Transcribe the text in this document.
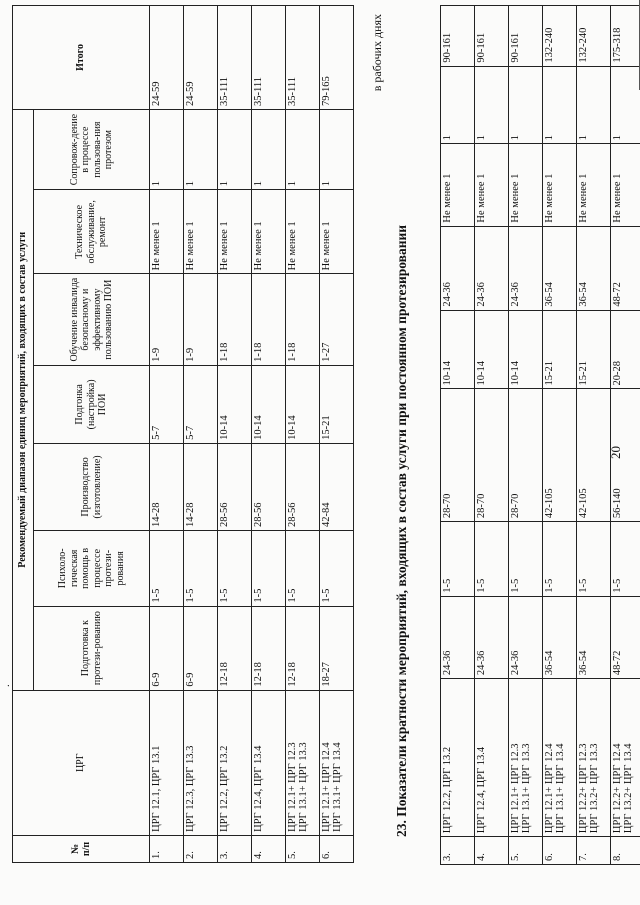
.
20
3.	ЦРГ 12.2, ЦРГ 13.2	24-36	1-5	28-70	10-14	24-36	Не менее 1	1	90-161
4.	ЦРГ 12.4, ЦРГ 13.4	24-36	1-5	28-70	10-14	24-36	Не менее 1	1	90-161
5.	ЦРГ 12.1+ ЦРГ 12.3 ЦРГ 13.1+ ЦРГ 13.3	24-36	1-5	28-70	10-14	24-36	Не менее 1	1	90-161
6.	ЦРГ 12.1+ ЦРГ 12.4 ЦРГ 13.1+ ЦРГ 13.4	36-54	1-5	42-105	15-21	36-54	Не менее 1	1	132-240
7.	ЦРГ 12.2+ ЦРГ 12.3 ЦРГ 13.2+ ЦРГ 13.3	36-54	1-5	42-105	15-21	36-54	Не менее 1	1	132-240
8.	ЦРГ 12.2+ ЦРГ 12.4 ЦРГ 13.2+ ЦРГ 13.4	48-72	1-5	56-140	20-28	48-72	Не менее 1	1	175-318
23. Показатели кратности мероприятий, входящих в состав услуги при постоянном протезировании
в рабочих днях
№ п/п	ЦРГ	Рекомендуемый диапазон единиц мероприятий, входящих в состав услуги							Итого
		Подготовка к протези-рованию	Психоло-гическая помощь в процессе протези-рования	Производство (изготовление)	Подгонка (настройка) ПОИ	Обучение инвалида безопасному и эффективному пользованию ПОИ	Техническое обслуживание, ремонт	Сопровож-дение в процессе пользова-ния протезом	
1.	ЦРГ 12.1, ЦРГ 13.1	6-9	1-5	14-28	5-7	1-9	Не менее 1	1	24-59
2.	ЦРГ 12.3, ЦРГ 13.3	6-9	1-5	14-28	5-7	1-9	Не менее 1	1	24-59
3.	ЦРГ 12.2, ЦРГ 13.2	12-18	1-5	28-56	10-14	1-18	Не менее 1	1	35-111
4.	ЦРГ 12.4, ЦРГ 13.4	12-18	1-5	28-56	10-14	1-18	Не менее 1	1	35-111
5.	ЦРГ 12.1+ ЦРГ 12.3 ЦРГ 13.1+ ЦРГ 13.3	12-18	1-5	28-56	10-14	1-18	Не менее 1	1	35-111
6.	ЦРГ 12.1+ ЦРГ 12.4 ЦРГ 13.1+ ЦРГ 13.4	18-27	1-5	42-84	15-21	1-27	Не менее 1	1	79-165
